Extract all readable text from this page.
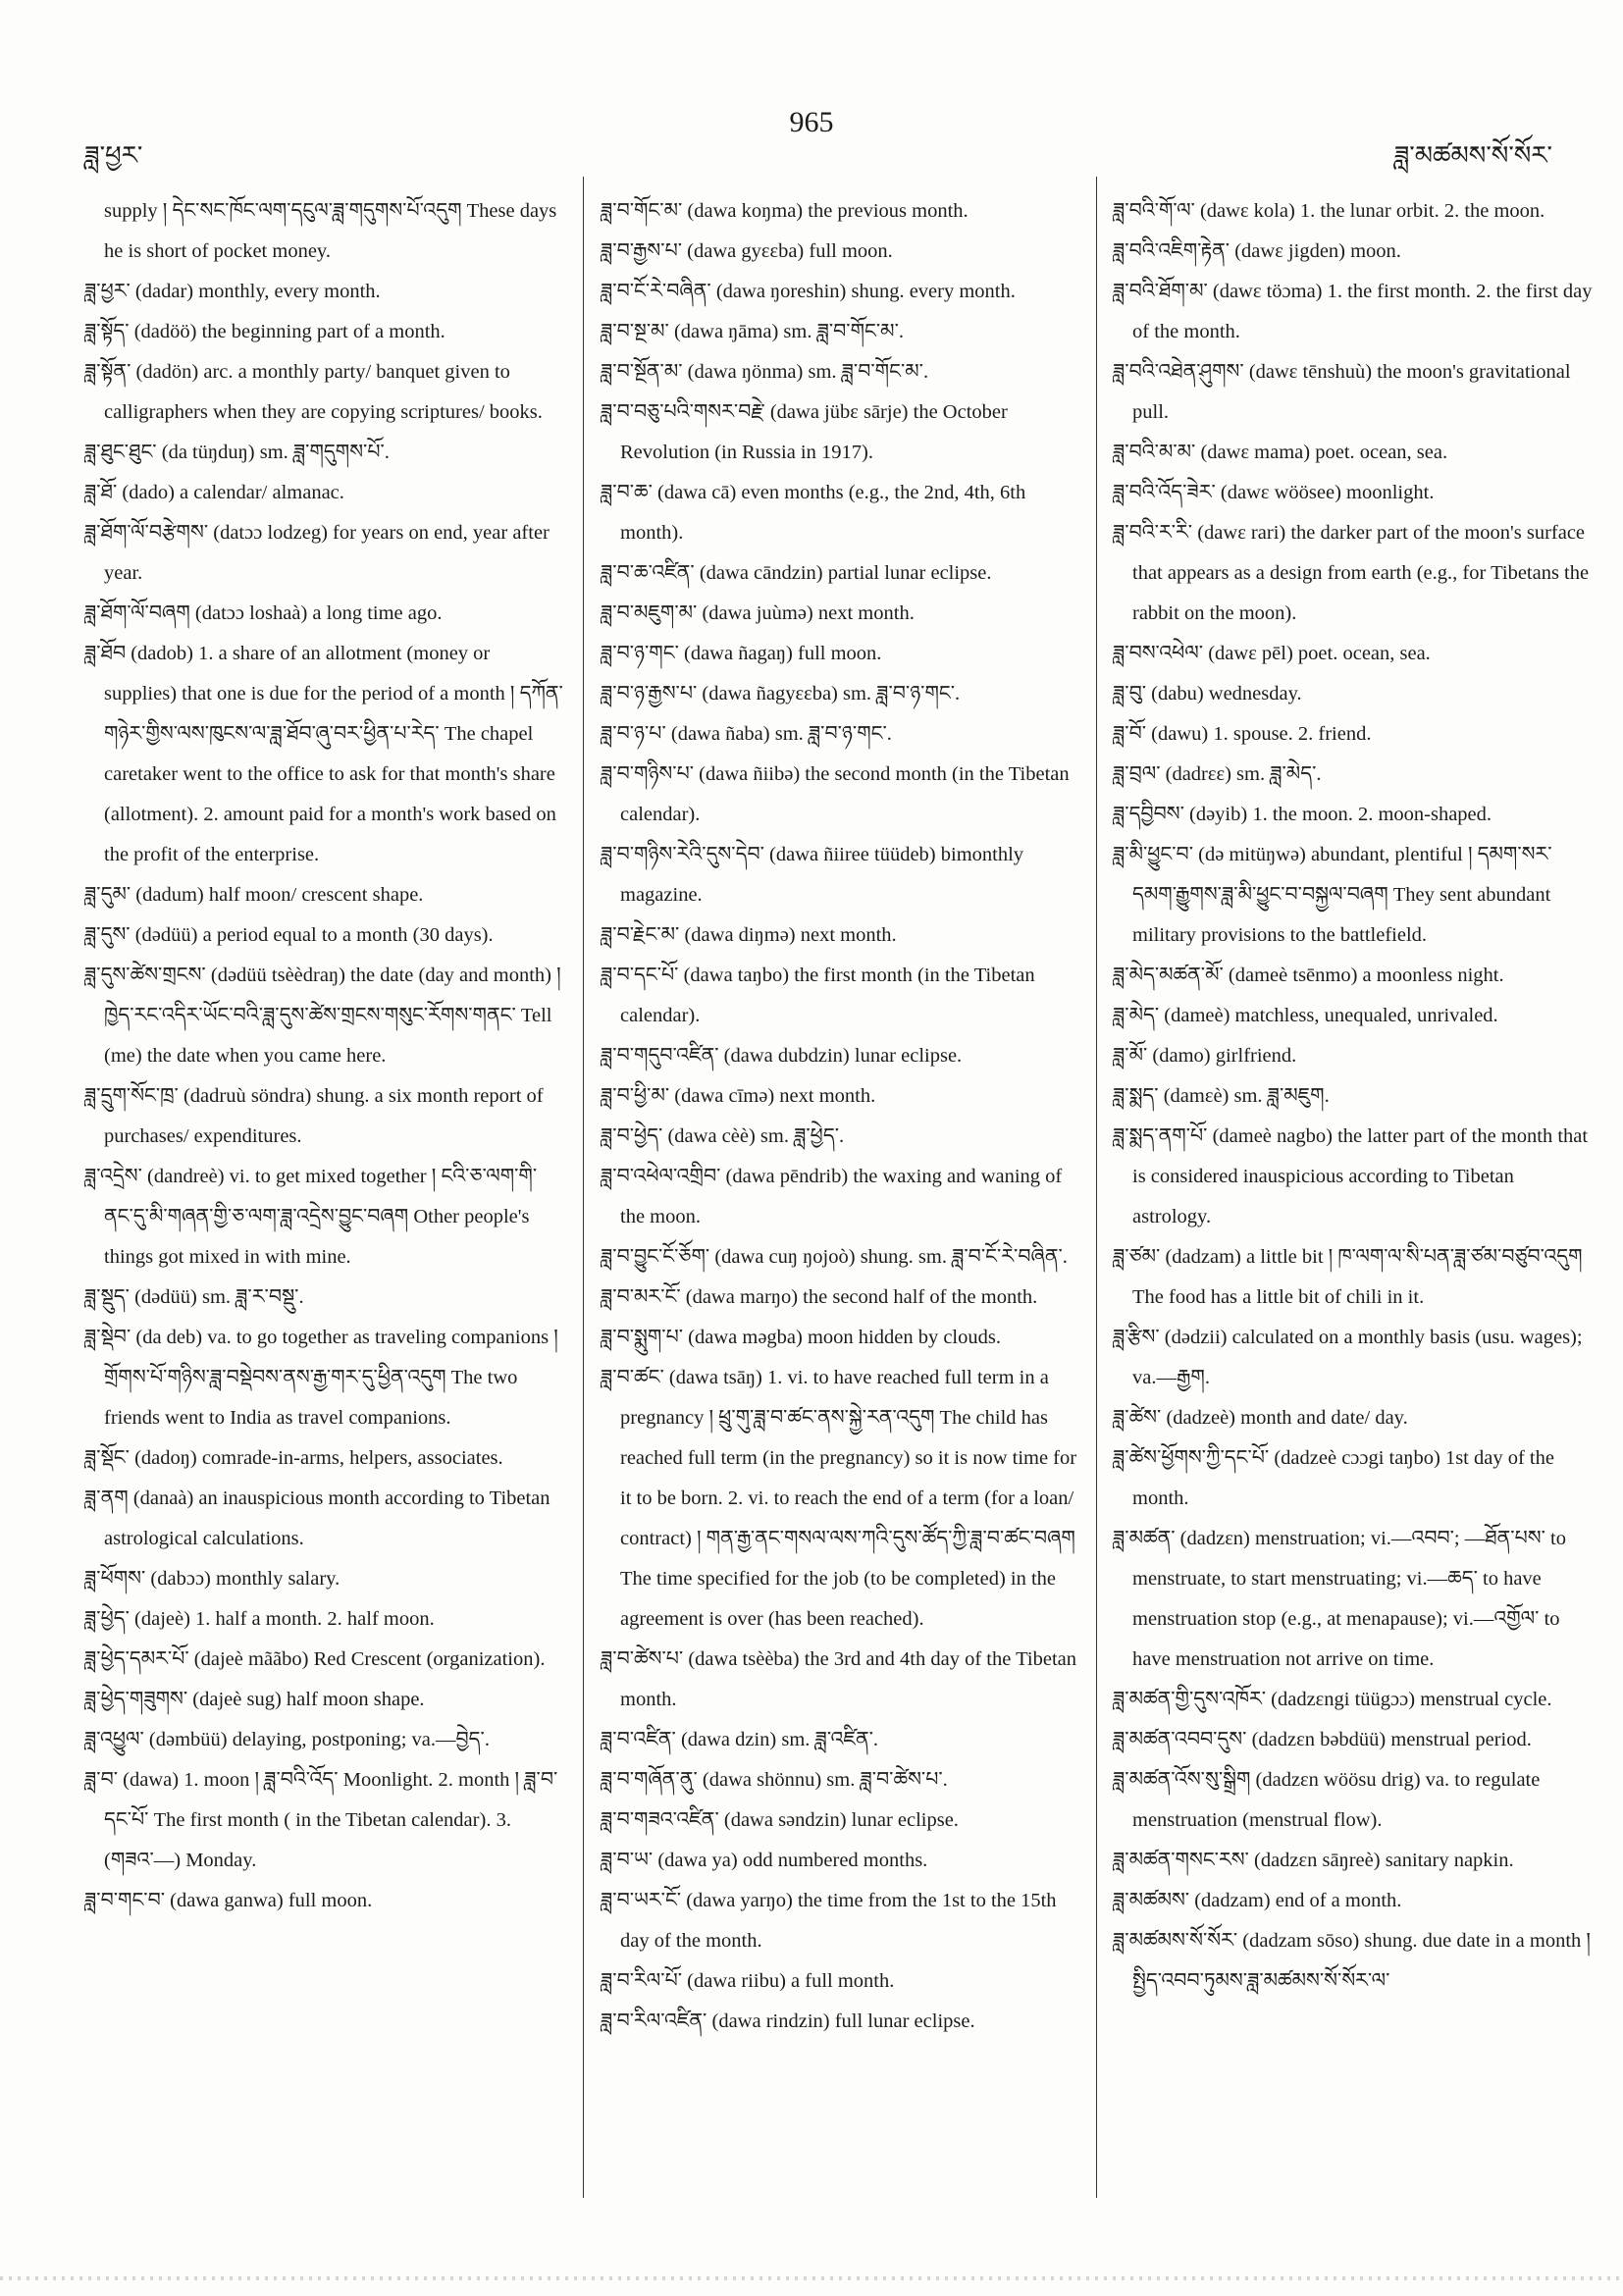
ཟླ་ཕྱར་
965
ཟླ་མཚམས་སོ་སོར་

supply ། དེང་སང་ཁོང་ལག་དངུལ་ཟླ་གདུགས་པོ་འདུག These days he is short of pocket money.

ཟླ་ཕྱར་ (dadar) monthly, every month.

ཟླ་སྟོད་ (dadöö) the beginning part of a month.

ཟླ་སྟོན་ (dadön) arc. a monthly party/ banquet given to calligraphers when they are copying scriptures/ books.

ཟླ་ཐུང་ཐུང་ (da tüŋduŋ) sm. ཟླ་གདུགས་པོ་.

ཟླ་ཐོ་ (dado) a calendar/ almanac.

ཟླ་ཐོག་ལོ་བརྩེགས་ (datɔɔ lodzeg) for years on end, year after year.

ཟླ་ཐོག་ལོ་བཞག (datɔɔ loshaà) a long time ago.

ཟླ་ཐོབ (dadob) 1. a share of an allotment (money or supplies) that one is due for the period of a month ། དཀོན་གཉེར་གྱིས་ལས་ཁུངས་ལ་ཟླ་ཐོབ་ཞུ་བར་ཕྱིན་པ་རེད་ The chapel caretaker went to the office to ask for that month's share (allotment). 2. amount paid for a month's work based on the profit of the enterprise.

ཟླ་དུམ་ (dadum) half moon/ crescent shape.

ཟླ་དུས་ (dədüü) a period equal to a month (30 days).

ཟླ་དུས་ཚེས་གྲངས་ (dədüü tsèèdraŋ) the date (day and month) ། ཁྱེད་རང་འདིར་ཡོང་བའི་ཟླ་དུས་ཚེས་གྲངས་གསུང་རོགས་གནང་ Tell (me) the date when you came here.

ཟླ་དྲུག་སོང་ཁྲ་ (dadruù söndra) shung. a six month report of purchases/ expenditures.

ཟླ་འདྲེས་ (dandreè) vi. to get mixed together ། ངའི་ཅ་ལག་གི་ནང་དུ་མི་གཞན་གྱི་ཅ་ལག་ཟླ་འདྲེས་བྱུང་བཞག Other people's things got mixed in with mine.

ཟླ་སྡུད་ (dədüü) sm. ཟླ་ར་བསྡུ་.

ཟླ་སྡེབ་ (da deb) va. to go together as traveling companions ། གྲོགས་པོ་གཉིས་ཟླ་བསྡེབས་ནས་རྒྱ་གར་དུ་ཕྱིན་འདུག The two friends went to India as travel companions.

ཟླ་སྡོང་ (dadoŋ) comrade-in-arms, helpers, associates.

ཟླ་ནག (danaà) an inauspicious month according to Tibetan astrological calculations.

ཟླ་ཕོགས་ (dabɔɔ) monthly salary.

ཟླ་ཕྱེད་ (dajeè) 1. half a month. 2. half moon.

ཟླ་ཕྱེད་དམར་པོ་ (dajeè mããbo) Red Crescent (organization).

ཟླ་ཕྱེད་གཟུགས་ (dajeè sug) half moon shape.

ཟླ་འཕྱུལ་ (dəmbüü) delaying, postponing; va.—བྱེད་.

ཟླ་བ་ (dawa) 1. moon ། ཟླ་བའི་འོད་ Moonlight. 2. month ། ཟླ་བ་དང་པོ་ The first month ( in the Tibetan calendar). 3. (གཟའ་—) Monday.

ཟླ་བ་གང་བ་ (dawa ganwa) full moon.

ཟླ་བ་གོང་མ་ (dawa koŋma) the previous month.

ཟླ་བ་རྒྱས་པ་ (dawa gyεεba) full moon.

ཟླ་བ་ངོ་རེ་བཞིན་ (dawa ŋoreshin) shung. every month.

ཟླ་བ་སྔ་མ་ (dawa ŋāma) sm. ཟླ་བ་གོང་མ་.

ཟླ་བ་སྔོན་མ་ (dawa ŋönma) sm. ཟླ་བ་གོང་མ་.

ཟླ་བ་བཅུ་པའི་གསར་བརྗེ་ (dawa jübε sārje) the October Revolution (in Russia in 1917).

ཟླ་བ་ཆ་ (dawa cā) even months (e.g., the 2nd, 4th, 6th month).

ཟླ་བ་ཆ་འཛིན་ (dawa cāndzin) partial lunar eclipse.

ཟླ་བ་མཇུག་མ་ (dawa juùmə) next month.

ཟླ་བ་ཉ་གང་ (dawa ñagaŋ) full moon.

ཟླ་བ་ཉ་རྒྱས་པ་ (dawa ñagyεεba) sm. ཟླ་བ་ཉ་གང་.

ཟླ་བ་ཉ་པ་ (dawa ñaba) sm. ཟླ་བ་ཉ་གང་.

ཟླ་བ་གཉིས་པ་ (dawa ñiibə) the second month (in the Tibetan calendar).

ཟླ་བ་གཉིས་རེའི་དུས་དེབ་ (dawa ñiiree tüüdeb) bimonthly magazine.

ཟླ་བ་རྗེང་མ་ (dawa diŋmə) next month.

ཟླ་བ་དང་པོ་ (dawa taŋbo) the first month (in the Tibetan calendar).

ཟླ་བ་གདུབ་འཛིན་ (dawa dubdzin) lunar eclipse.

ཟླ་བ་ཕྱི་མ་ (dawa cīmə) next month.

ཟླ་བ་ཕྱེད་ (dawa cèè) sm. ཟླ་ཕྱེད་.

ཟླ་བ་འཕེལ་འགྲིབ་ (dawa pēndrib) the waxing and waning of the moon.

ཟླ་བ་བྱུང་ངོ་ཅོག་ (dawa cuŋ ŋojoò) shung. sm. ཟླ་བ་ངོ་རེ་བཞིན་.

ཟླ་བ་མར་ངོ་ (dawa marŋo) the second half of the month.

ཟླ་བ་སྨུག་པ་ (dawa məgba) moon hidden by clouds.

ཟླ་བ་ཚང་ (dawa tsāŋ) 1. vi. to have reached full term in a pregnancy ། ཕྲུ་གུ་ཟླ་བ་ཚང་ནས་སྐྱེ་རན་འདུག The child has reached full term (in the pregnancy) so it is now time for it to be born. 2. vi. to reach the end of a term (for a loan/ contract) ། གན་རྒྱ་ནང་གསལ་ལས་ཀའི་དུས་ཚོད་ཀྱི་ཟླ་བ་ཚང་བཞག The time specified for the job (to be completed) in the agreement is over (has been reached).

ཟླ་བ་ཚེས་པ་ (dawa tsèèba) the 3rd and 4th day of the Tibetan month.

ཟླ་བ་འཛིན་ (dawa dzin) sm. ཟླ་འཛིན་.

ཟླ་བ་གཞོན་ནུ་ (dawa shönnu) sm. ཟླ་བ་ཚེས་པ་.

ཟླ་བ་གཟའ་འཛིན་ (dawa səndzin) lunar eclipse.

ཟླ་བ་ཡ་ (dawa ya) odd numbered months.

ཟླ་བ་ཡར་ངོ་ (dawa yarŋo) the time from the 1st to the 15th day of the month.

ཟླ་བ་རིལ་པོ་ (dawa riibu) a full month.

ཟླ་བ་རིལ་འཛིན་ (dawa rindzin) full lunar eclipse.

ཟླ་བའི་གོ་ལ་ (dawε kola) 1. the lunar orbit. 2. the moon.

ཟླ་བའི་འཇིག་རྟེན་ (dawε jigden) moon.

ཟླ་བའི་ཐོག་མ་ (dawε töɔma) 1. the first month. 2. the first day of the month.

ཟླ་བའི་འཐེན་ཤུགས་ (dawε tēnshuù) the moon's gravitational pull.

ཟླ་བའི་མ་མ་ (dawε mama) poet. ocean, sea.

ཟླ་བའི་འོད་ཟེར་ (dawε wöösee) moonlight.

ཟླ་བའི་ར་རི་ (dawε rari) the darker part of the moon's surface that appears as a design from earth (e.g., for Tibetans the rabbit on the moon).

ཟླ་བས་འཕེལ་ (dawε pēl) poet. ocean, sea.

ཟླ་བུ་ (dabu) wednesday.

ཟླ་བོ་ (dawu) 1. spouse. 2. friend.

ཟླ་བྲལ་ (dadrεε) sm. ཟླ་མེད་.

ཟླ་དབྱིབས་ (dəyib) 1. the moon. 2. moon-shaped.

ཟླ་མི་ཕྱུང་བ་ (də mitüŋwə) abundant, plentiful ། དམག་སར་དམག་རྒྱུགས་ཟླ་མི་ཕྱུང་བ་བསྐྱལ་བཞག They sent abundant military provisions to the battlefield.

ཟླ་མེད་མཚན་མོ་ (dameè tsēnmo) a moonless night.

ཟླ་མེད་ (dameè) matchless, unequaled, unrivaled.

ཟླ་མོ་ (damo) girlfriend.

ཟླ་སྨད་ (damεè) sm. ཟླ་མཇུག.

ཟླ་སྨད་ནག་པོ་ (dameè nagbo) the latter part of the month that is considered inauspicious according to Tibetan astrology.

ཟླ་ཙམ་ (dadzam) a little bit ། ཁ་ལག་ལ་སི་པན་ཟླ་ཙམ་བཙུབ་འདུག The food has a little bit of chili in it.

ཟླ་རྩིས་ (dədzii) calculated on a monthly basis (usu. wages); va.—རྒྱག.

ཟླ་ཚེས་ (dadzeè) month and date/ day.

ཟླ་ཚེས་ཕྱོགས་ཀྱི་དང་པོ་ (dadzeè cɔɔgi taŋbo) 1st day of the month.

ཟླ་མཚན་ (dadzεn) menstruation; vi.—འབབ་; —ཐོན་པས་ to menstruate, to start menstruating; vi.—ཆད་ to have menstruation stop (e.g., at menapause); vi.—འགྱོལ་ to have menstruation not arrive on time.

ཟླ་མཚན་གྱི་དུས་འཁོར་ (dadzεngi tüügɔɔ) menstrual cycle.

ཟླ་མཚན་འབབ་དུས་ (dadzεn bəbdüü) menstrual period.

ཟླ་མཚན་འོས་སུ་སྒྲིག (dadzεn wöösu drig) va. to regulate menstruation (menstrual flow).

ཟླ་མཚན་གསང་རས་ (dadzεn sāŋreè) sanitary napkin.

ཟླ་མཚམས་ (dadzam) end of a month.

ཟླ་མཚམས་སོ་སོར་ (dadzam sōso) shung. due date in a month ། སྤྱིད་འབབ་ཏུམས་ཟླ་མཚམས་སོ་སོར་ལ་
